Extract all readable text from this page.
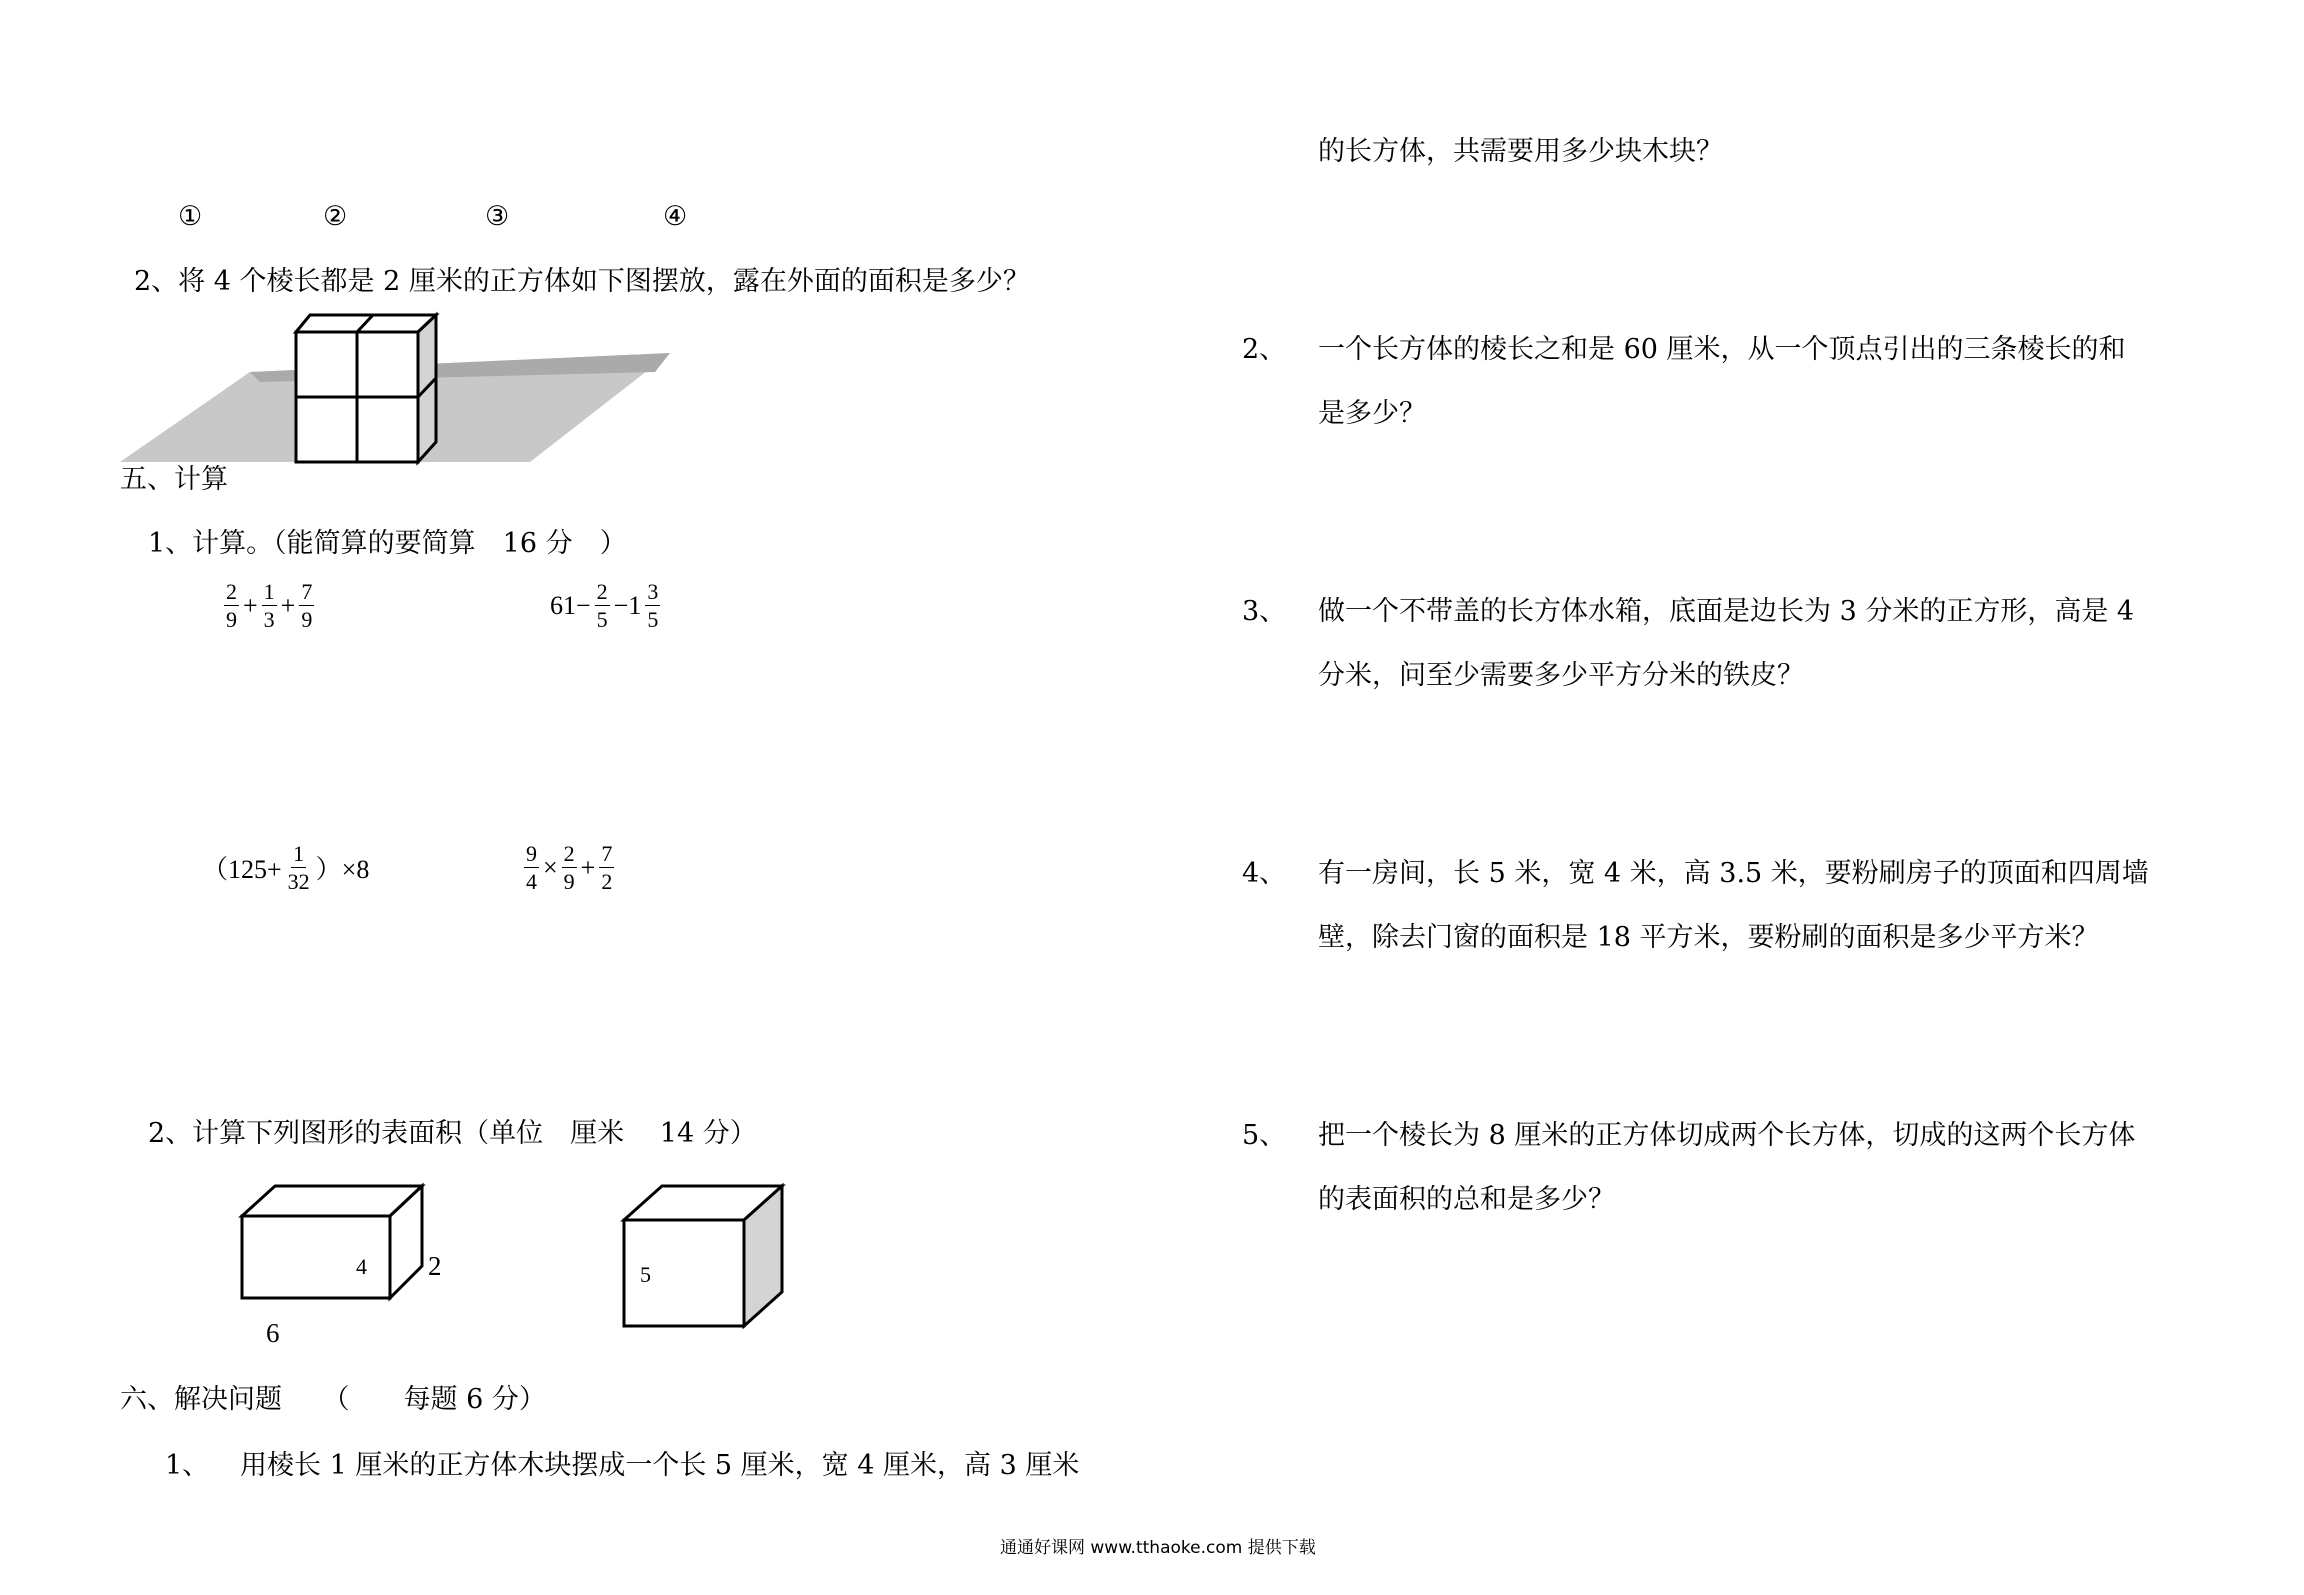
①	②	③	④
2、将 4 个棱长都是 2 厘米的正方体如下图摆放，露在外面的面积是多少？
五、计算
1、计算。（能简算的要简算　16 分　）
$\frac{2}{9} + \frac{1}{3} + \frac{7}{9}$	$61- \frac{2}{5} -1 \frac{3}{5}$
$(125+ \frac{1}{32} )\times 8$	$\frac{9}{4} \times \frac{2}{9} + \frac{7}{2}$
2、计算下列图形的表面积（单位　厘米　 14 分）
4 2
6
5
六、解决问题　　（　　每题 6 分）
1、 用棱长 1 厘米的正方体木块摆成一个长 5 厘米，宽 4 厘米，高 3 厘米
的长方体，共需要用多少块木块？
2、 一个长方体的棱长之和是 60 厘米，从一个顶点引出的三条棱长的和
是多少？
3、 做一个不带盖的长方体水箱，底面是边长为 3 分米的正方形，高是 4
分米，问至少需要多少平方分米的铁皮？
4、 有一房间，长 5 米，宽 4 米，高 3.5 米，要粉刷房子的顶面和四周墙
壁，除去门窗的面积是 18 平方米，要粉刷的面积是多少平方米？
5、 把一个棱长为 8 厘米的正方体切成两个长方体，切成的这两个长方体
的表面积的总和是多少？
通通好课网 www.tthaoke.com 提供下载
